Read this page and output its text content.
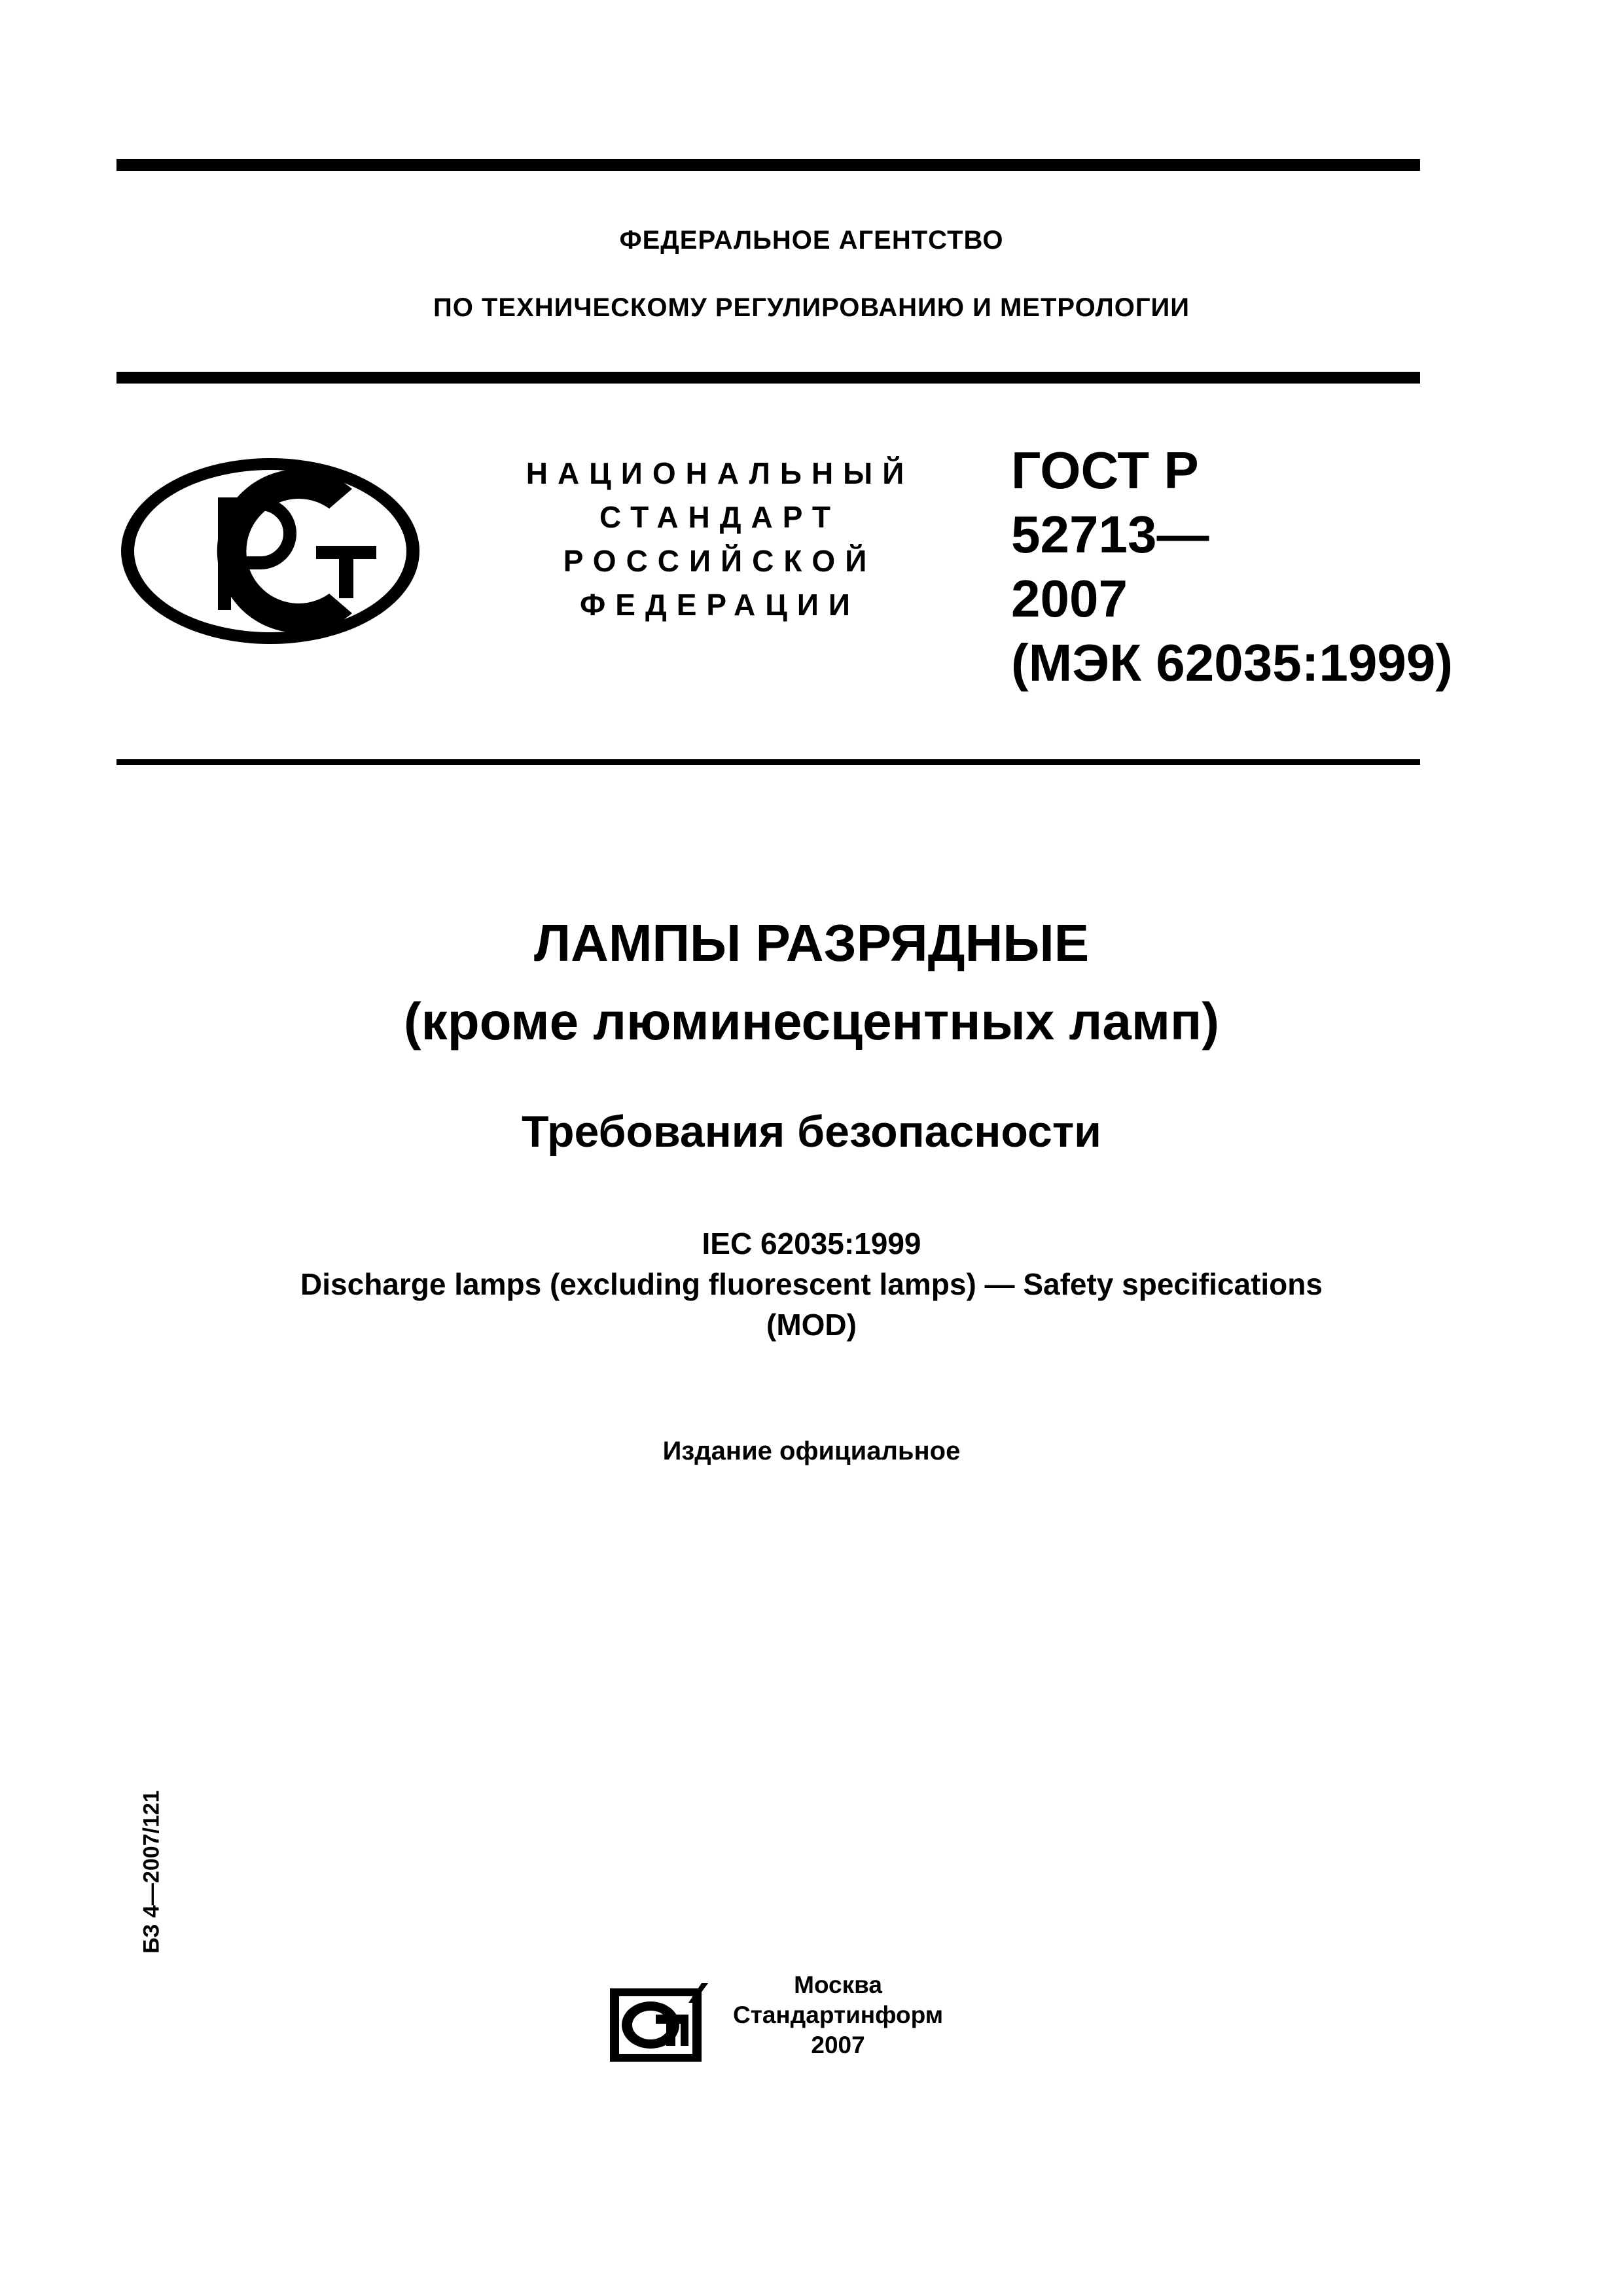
ФЕДЕРАЛЬНОЕ АГЕНТСТВО
ПО ТЕХНИЧЕСКОМУ РЕГУЛИРОВАНИЮ И МЕТРОЛОГИИ
НАЦИОНАЛЬНЫЙ
СТАНДАРТ
РОССИЙСКОЙ
ФЕДЕРАЦИИ
ГОСТ Р
52713—
2007
(МЭК 62035:1999)
ЛАМПЫ РАЗРЯДНЫЕ
(кроме люминесцентных ламп)
Требования безопасности
IEC 62035:1999
Discharge lamps (excluding fluorescent lamps) — Safety specifications
(MOD)
Издание официальное
БЗ 4—2007/121
Москва
Стандартинформ
2007
